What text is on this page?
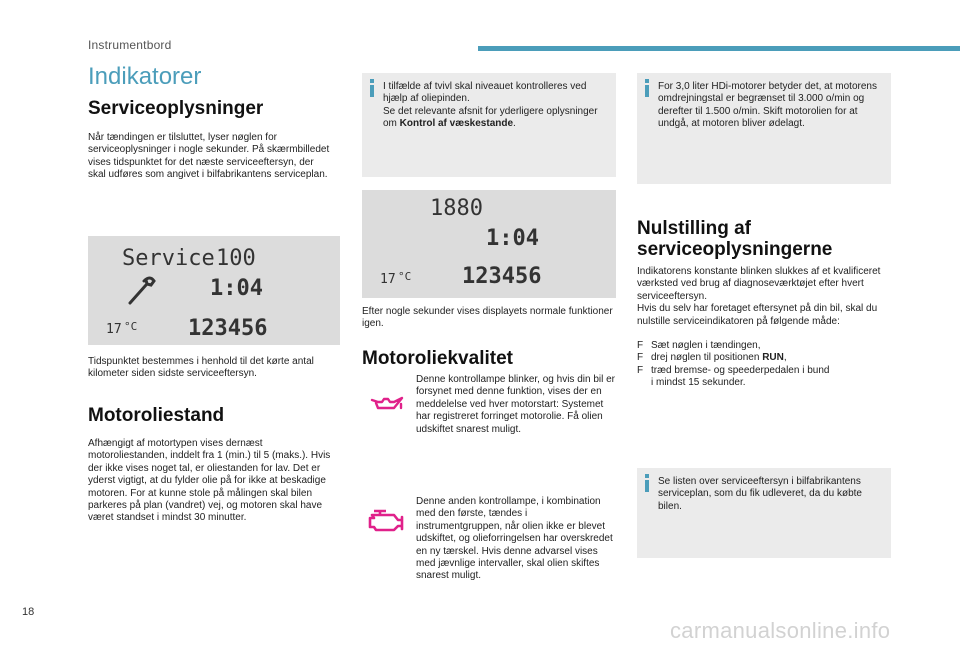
Instrumentbord
Indikatorer
Serviceoplysninger

Når tændingen er tilsluttet, lyser nøglen for serviceoplysninger i nogle sekunder. På skærmbilledet vises tidspunktet for det næste serviceeftersyn, der skal udføres som angivet i bilfabrikantens serviceplan.

Service 100
1:04
17 °C 123456

Tidspunktet bestemmes i henhold til det kørte antal kilometer siden sidste serviceeftersyn.

Motoroliestand

Afhængigt af motortypen vises dernæst motoroliestanden, inddelt fra 1 (min.) til 5 (maks.). Hvis der ikke vises noget tal, er oliestanden for lav. Det er yderst vigtigt, at du fylder olie på for ikke at beskadige motoren. For at kunne stole på målingen skal bilen parkeres på plan (vandret) vej, og motoren skal have været standset i mindst 30 minutter.

I tilfælde af tvivl skal niveauet kontrolleres ved hjælp af oliepinden.
Se det relevante afsnit for yderligere oplysninger om Kontrol af væskestande.

1880
1:04
17 °C 123456

Efter nogle sekunder vises displayets normale funktioner igen.

Motoroliekvalitet

Denne kontrollampe blinker, og hvis din bil er forsynet med denne funktion, vises der en meddelelse ved hver motorstart: Systemet har registreret forringet motorolie. Få olien udskiftet snarest muligt.

Denne anden kontrollampe, i kombination med den første, tændes i instrumentgruppen, når olien ikke er blevet udskiftet, og olieforringelsen har overskredet en ny tærskel. Hvis denne advarsel vises med jævnlige intervaller, skal olien skiftes snarest muligt.

For 3,0 liter HDi-motorer betyder det, at motorens omdrejningstal er begrænset til 3.000 o/min og derefter til 1.500 o/min. Skift motorolien for at undgå, at motoren bliver ødelagt.

Nulstilling af
serviceoplysningerne

Indikatorens konstante blinken slukkes af et kvalificeret værksted ved brug af diagnoseværktøjet efter hvert serviceeftersyn.
Hvis du selv har foretaget eftersynet på din bil, skal du nulstille serviceindikatoren på følgende måde:

F Sæt nøglen i tændingen,
F drej nøglen til positionen RUN,
F træd bremse- og speederpedalen i bund
i mindst 15 sekunder.

Se listen over serviceeftersyn i bilfabrikantens serviceplan, som du fik udleveret, da du købte bilen.

18
carmanualsonline.info
